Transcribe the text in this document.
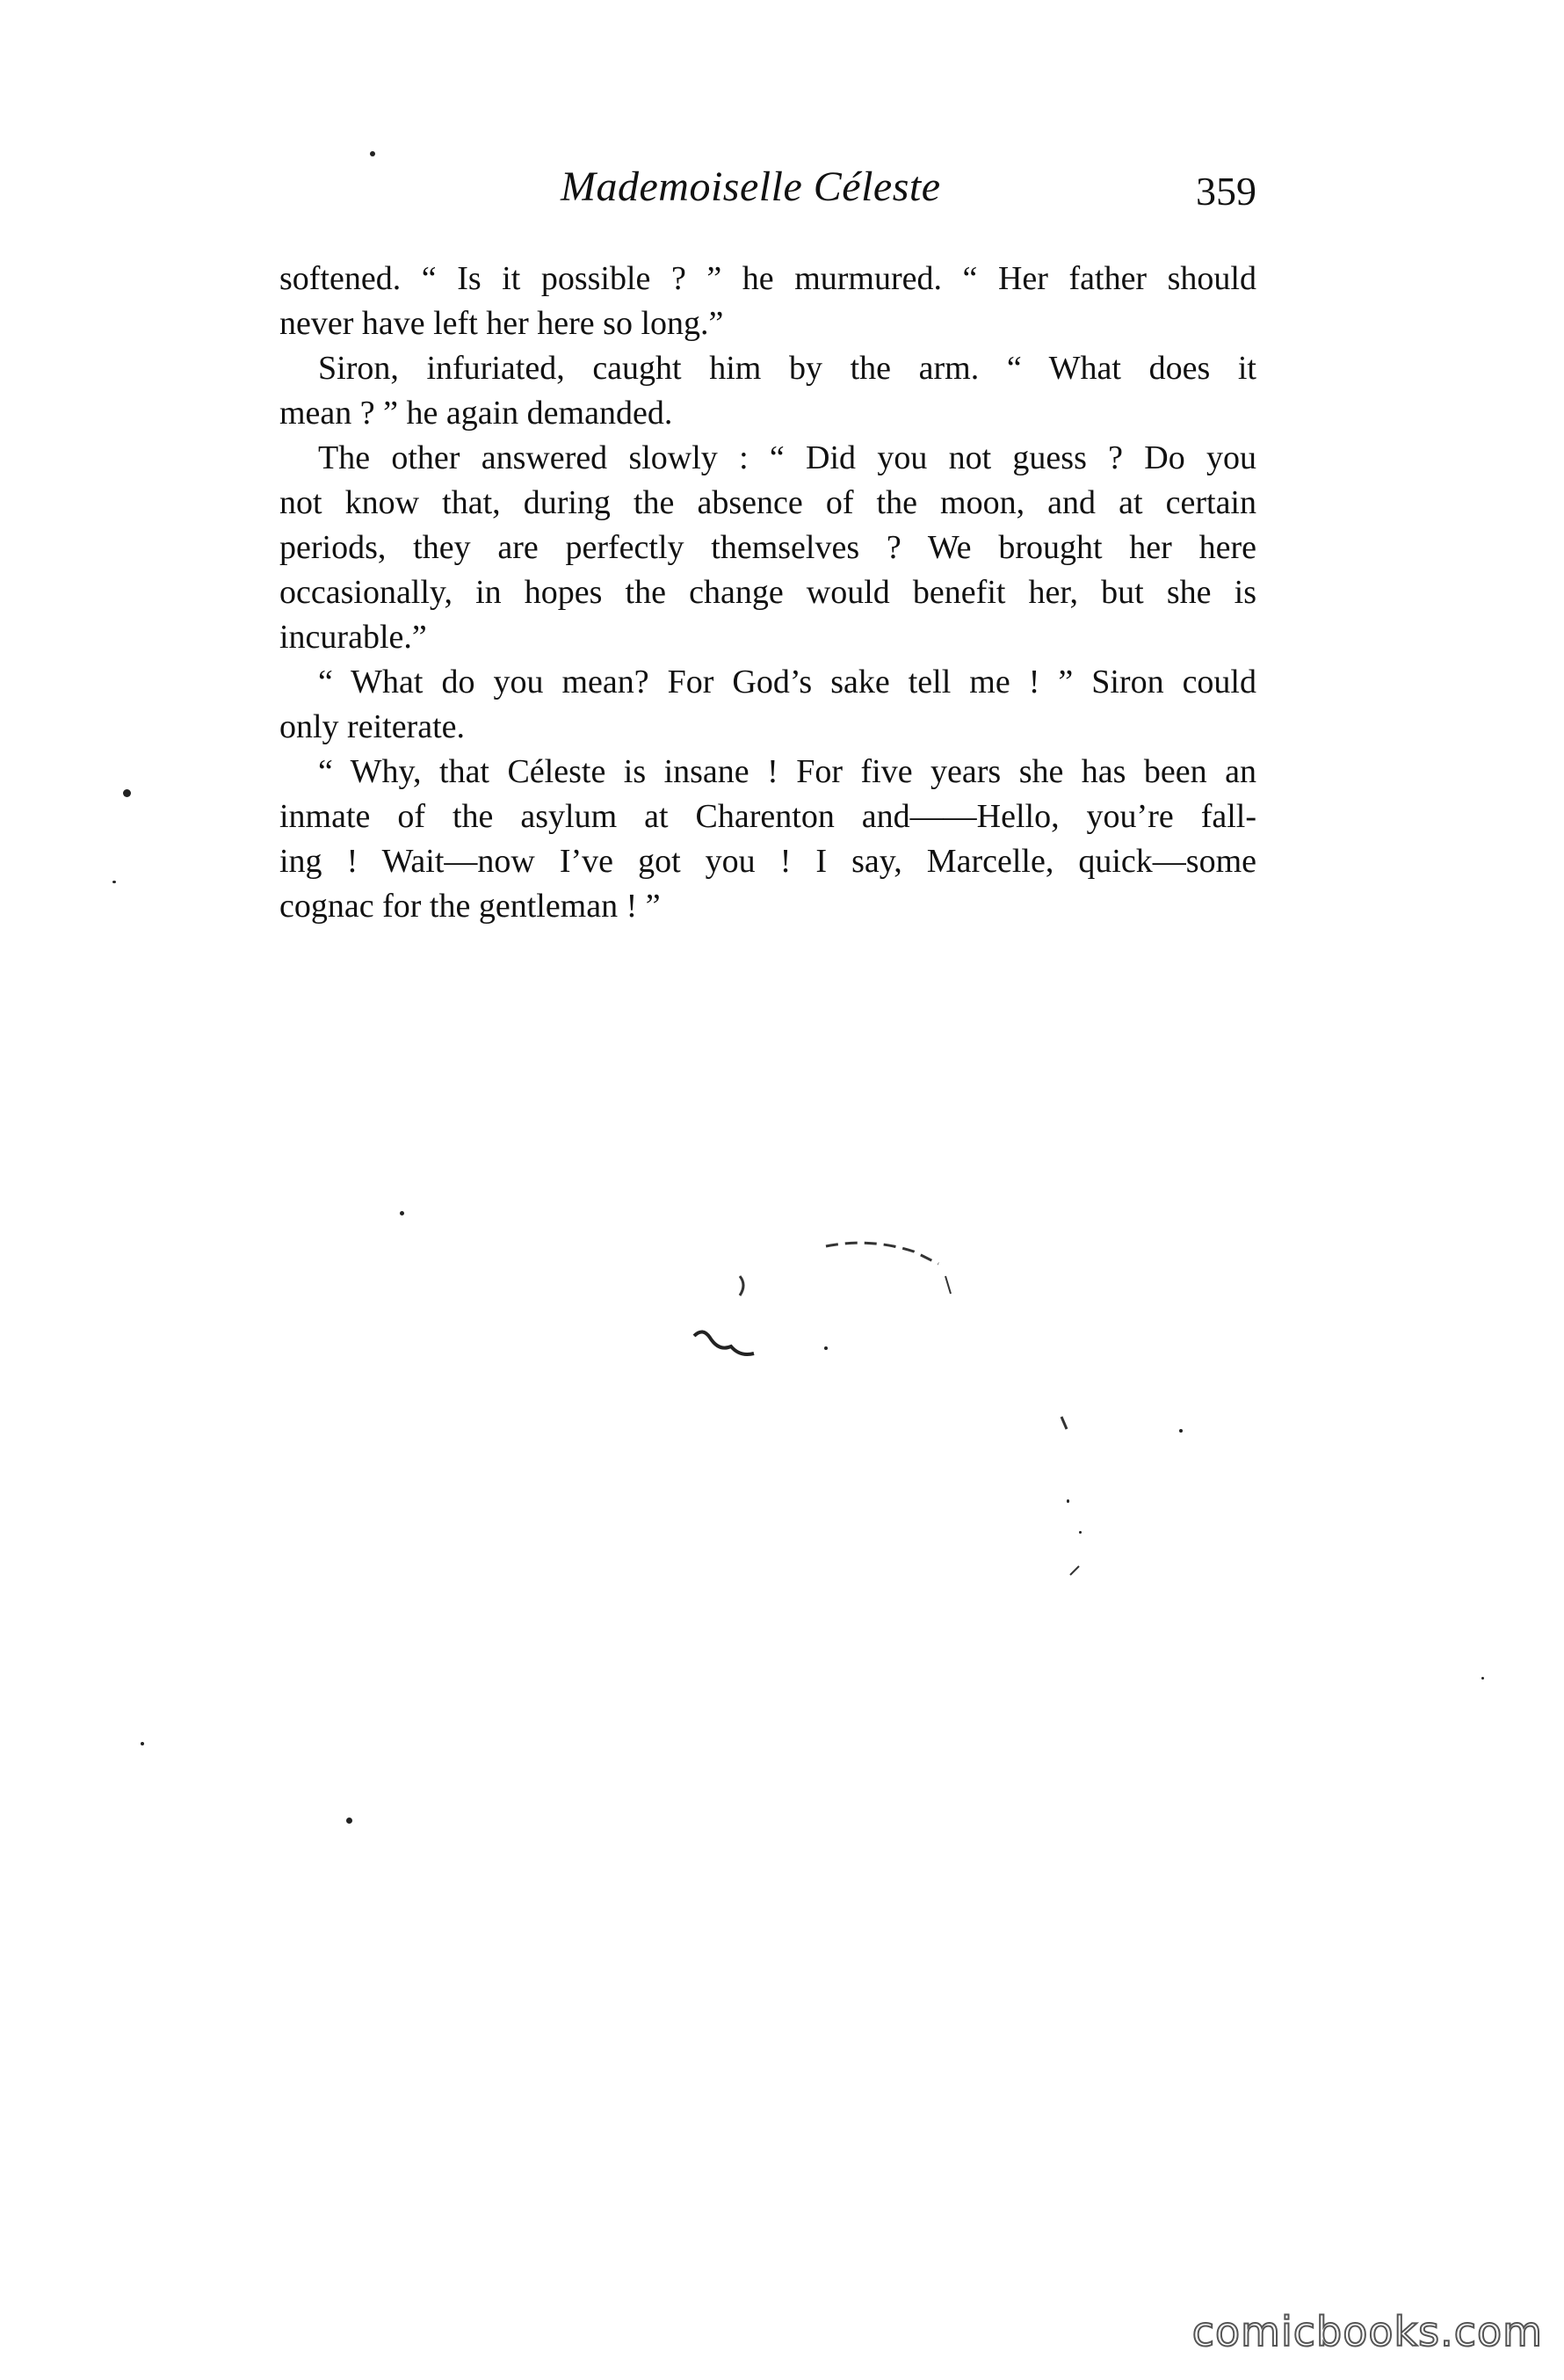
Mademoiselle Céleste	359
softened. “ Is it possible ? ” he murmured. “ Her father should
never have left her here so long.”
Siron, infuriated, caught him by the arm. “ What does it
mean ? ” he again demanded.
The other answered slowly : “ Did you not guess ? Do you
not know that, during the absence of the moon, and at certain
periods, they are perfectly themselves ? We brought her here
occasionally, in hopes the change would benefit her, but she is
incurable.”
“ What do you mean? For God’s sake tell me ! ” Siron could
only reiterate.
“ Why, that Céleste is insane ! For five years she has been an
inmate of the asylum at Charenton and——Hello, you’re fall-
ing ! Wait—now I’ve got you ! I say, Marcelle, quick—some
cognac for the gentleman ! ”
comicbooks.com
